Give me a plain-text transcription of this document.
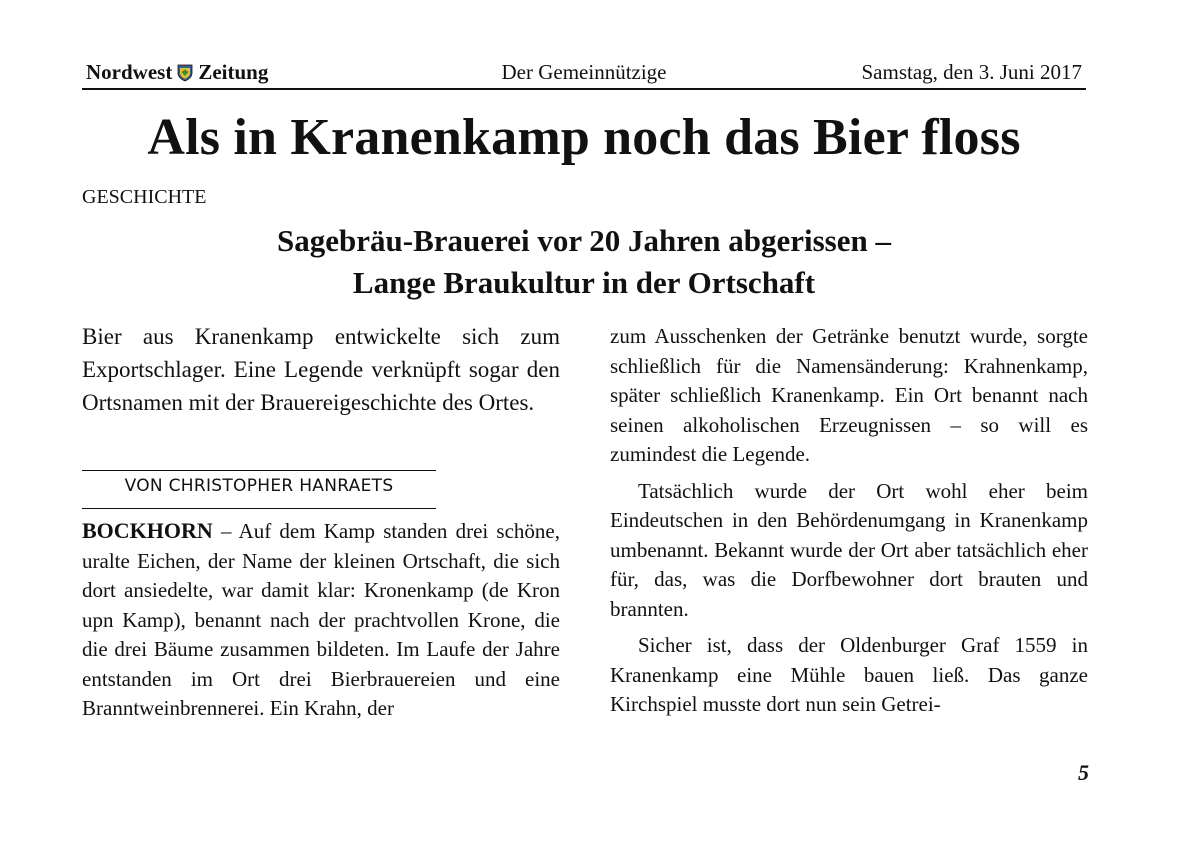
Nordwest Zeitung	Der Gemeinnützige	Samstag, den 3. Juni 2017
Als in Kranenkamp noch das Bier floss
GESCHICHTE
Sagebräu-Brauerei vor 20 Jahren abgerissen –
Lange Braukultur in der Ortschaft

Bier aus Kranenkamp entwickelte sich zum Exportschlager. Eine Legende verknüpft sogar den Ortsnamen mit der Brauereigeschichte des Ortes.

VON CHRISTOPHER HANRAETS

BOCKHORN – Auf dem Kamp standen drei schöne, uralte Eichen, der Name der kleinen Ortschaft, die sich dort ansiedelte, war damit klar: Kronenkamp (de Kron upn Kamp), benannt nach der prachtvollen Krone, die die drei Bäume zusammen bildeten. Im Laufe der Jahre entstanden im Ort drei Bierbrauereien und eine Branntweinbrennerei. Ein Krahn, der

zum Ausschenken der Getränke benutzt wurde, sorgte schließlich für die Namensänderung: Krahnenkamp, später schließlich Kranenkamp. Ein Ort benannt nach seinen alkoholischen Erzeugnissen – so will es zumindest die Legende.

Tatsächlich wurde der Ort wohl eher beim Eindeutschen in den Behördenumgang in Kranenkamp umbenannt. Bekannt wurde der Ort aber tatsächlich eher für, das, was die Dorfbewohner dort brauten und brannten.

Sicher ist, dass der Oldenburger Graf 1559 in Kranenkamp eine Mühle bauen ließ. Das ganze Kirchspiel musste dort nun sein Getrei-

5
